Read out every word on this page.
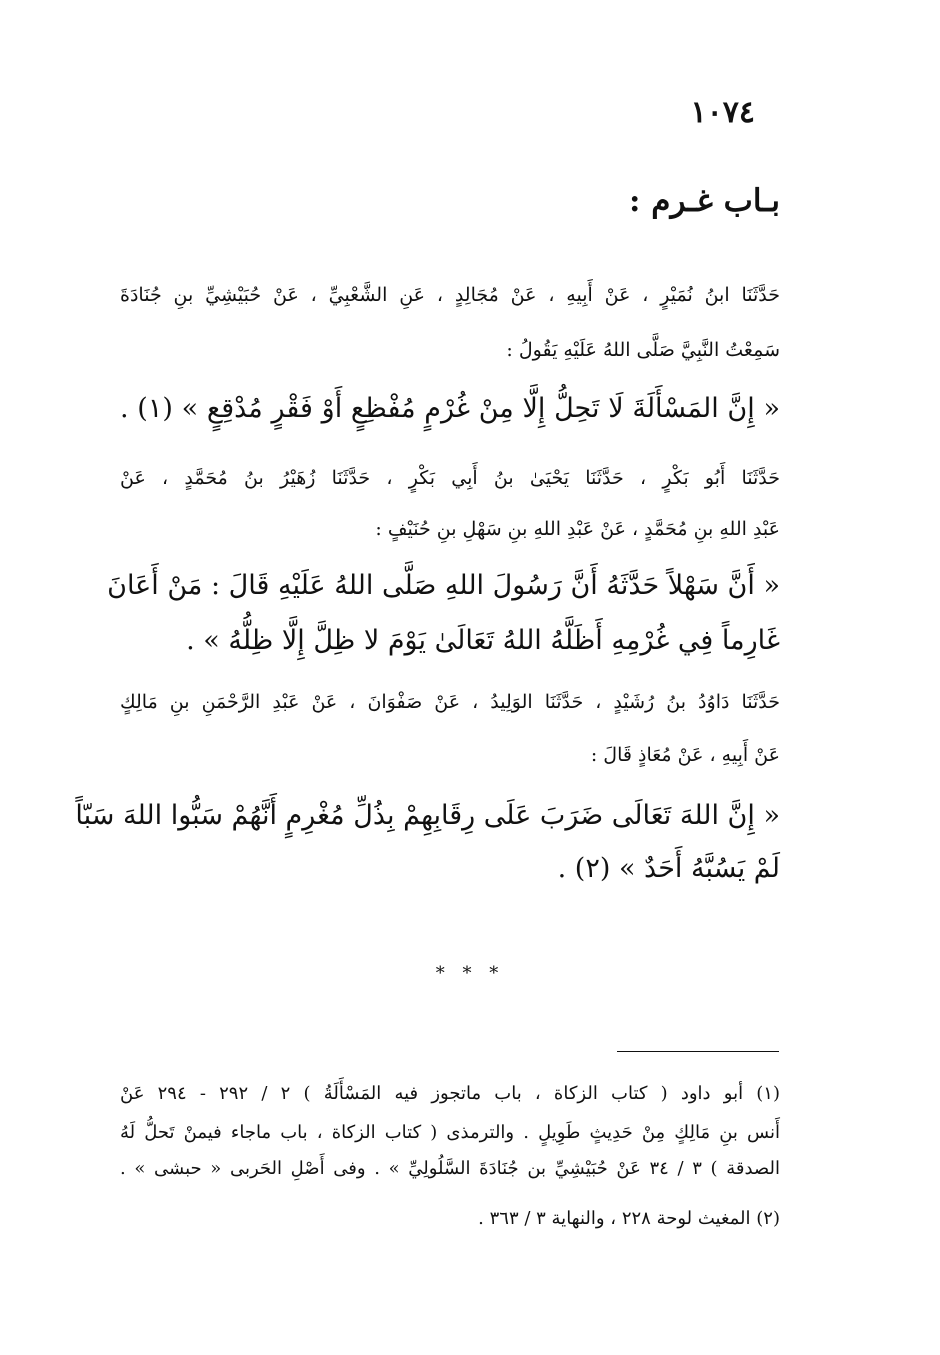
١٠٧٤
بـاب غـرم :
حَدَّثَنَا ابنُ نُمَيْرٍ ، عَنْ أَبِيهِ ، عَنْ مُجَالِدٍ ، عَنِ الشَّعْبِيِّ ، عَنْ حُبَيْشِيِّ بنِ جُنَادَةَ
سَمِعْتُ النَّبِيَّ صَلَّى اللهُ عَلَيْهِ يَقُولُ :
« إِنَّ المَسْأَلَةَ لَا تَحِلُّ إِلَّا مِنْ غُرْمٍ مُفْظِعٍ أَوْ فَقْرٍ مُدْقِعٍ » (١) .
حَدَّثَنَا أَبُو بَكْرٍ ، حَدَّثَنَا يَحْيَىٰ بنُ أَبِي بَكْرٍ ، حَدَّثَنَا زُهَيْرُ بنُ مُحَمَّدٍ ، عَنْ
عَبْدِ اللهِ بنِ مُحَمَّدٍ ، عَنْ عَبْدِ اللهِ بنِ سَهْلِ بنِ حُنَيْفٍ :
« أَنَّ سَهْلاً حَدَّثَهُ أَنَّ رَسُولَ اللهِ صَلَّى اللهُ عَلَيْهِ قَالَ : مَنْ أَعَانَ
غَارِماً فِي غُرْمِهِ أَظَلَّهُ اللهُ تَعَالَىٰ يَوْمَ لا ظِلَّ إِلَّا ظِلُّهُ » .
حَدَّثَنَا دَاوُدُ بنُ رُشَيْدٍ ، حَدَّثَنَا الوَلِيدُ ، عَنْ صَفْوَانَ ، عَنْ عَبْدِ الرَّحْمَنِ بنِ مَالِكٍ
عَنْ أَبِيهِ ، عَنْ مُعَاذٍ قَالَ :
« إِنَّ اللهَ تَعَالَى ضَرَبَ عَلَى رِقَابِهِمْ بِذُلِّ مُغْرِمٍ أَنَّهُمْ سَبُّوا اللهَ سَبّاً
لَمْ يَسُبَّهُ أَحَدٌ » (٢) .
* * *
(١) أبو داود ( كتاب الزكاة ، باب ماتجوز فيه المَسْأَلَةُ ) ٢ / ٢٩٢ - ٢٩٤ عَنْ
أَنس بنِ مَالِكٍ مِنْ حَدِيثٍ طَوِيلٍ . والترمذى ( كتاب الزكاة ، باب ماجاء فيمنْ تَحلُّ لَهُ
الصدقة ) ٣ / ٣٤ عَنْ حُبَيْشِيِّ بن جُنَادَةَ السَّلُولِيِّ » . وفى أَصْلِ الحَربى « حبشى » .
(٢) المغيث لوحة ٢٢٨ ، والنهاية ٣ / ٣٦٣ .
